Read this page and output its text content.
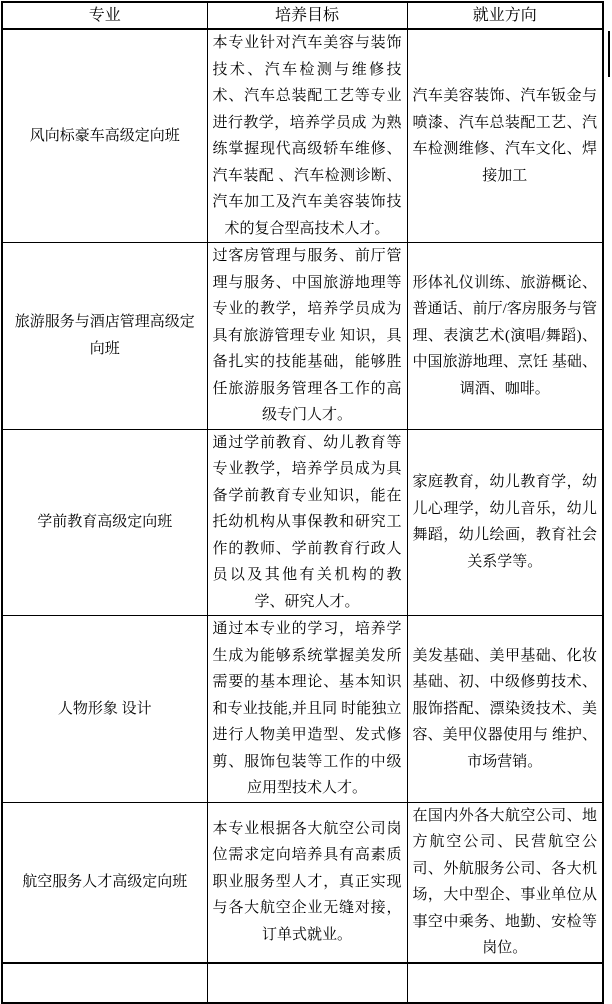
专业	培养目标	就业方向
风向标豪车高级定向班	本专业针对汽车美容与装饰技术、汽车检测与维修技术、汽车总装配工艺等专业进行教学，培养学员成 为熟练掌握现代高级轿车维修、汽车装配 、汽车检测诊断、汽车加工及汽车美容装饰技术的复合型高技术人才。	汽车美容装饰、汽车钣金与喷漆、汽车总装配工艺、汽车检测维修、汽车文化、焊接加工
旅游服务与酒店管理高级定向班	过客房管理与服务、前厅管理与服务、中国旅游地理等专业的教学，培养学员成为具有旅游管理专业 知识，具备扎实的技能基础，能够胜任旅游服务管理各工作的高级专门人才。	形体礼仪训练、旅游概论、普通话、前厅/客房服务与管理、表演艺术(演唱/舞蹈)、中国旅游地理、烹饪 基础、调酒、咖啡。
学前教育高级定向班	通过学前教育、幼儿教育等专业教学，培养学员成为具备学前教育专业知识，能在托幼机构从事保教和研究工作的教师、学前教育行政人员以及其他有关机构的教学、研究人才。	家庭教育，幼儿教育学，幼儿心理学，幼儿音乐，幼儿舞蹈，幼儿绘画，教育社会关系学等。
人物形象 设计	通过本专业的学习，培养学生成为能够系统掌握美发所需要的基本理论、基本知识和专业技能,并且同 时能独立进行人物美甲造型、发式修剪、服饰包装等工作的中级应用型技术人才。	美发基础、美甲基础、化妆基础、初、中级修剪技术、服饰搭配、漂染烫技术、美容、美甲仪器使用与 维护、市场营销。
航空服务人才高级定向班	本专业根据各大航空公司岗位需求定向培养具有高素质职业服务型人才，真正实现与各大航空企业无缝对接，订单式就业。	在国内外各大航空公司、地方航空公司、民营航空公司、外航服务公司、各大机场，大中型企、事业单位从事空中乘务、地勤、安检等岗位。
